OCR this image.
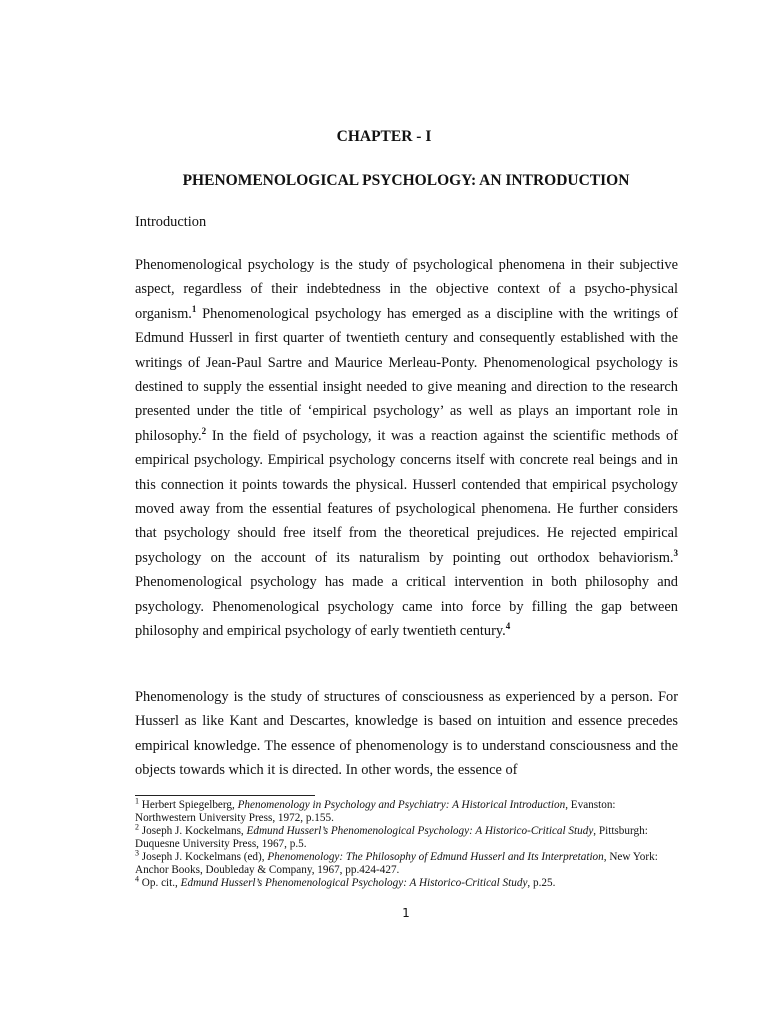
CHAPTER - I
PHENOMENOLOGICAL PSYCHOLOGY: AN INTRODUCTION
Introduction

Phenomenological psychology is the study of psychological phenomena in their subjective aspect, regardless of their indebtedness in the objective context of a psycho-physical organism.$^1$ Phenomenological psychology has emerged as a discipline with the writings of Edmund Husserl in first quarter of twentieth century and consequently established with the writings of Jean-Paul Sartre and Maurice Merleau-Ponty. Phenomenological psychology is destined to supply the essential insight needed to give meaning and direction to the research presented under the title of ‘empirical psychology’ as well as plays an important role in philosophy.$^2$ In the field of psychology, it was a reaction against the scientific methods of empirical psychology. Empirical psychology concerns itself with concrete real beings and in this connection it points towards the physical. Husserl contended that empirical psychology moved away from the essential features of psychological phenomena. He further considers that psychology should free itself from the theoretical prejudices. He rejected empirical psychology on the account of its naturalism by pointing out orthodox behaviorism.$^3$ Phenomenological psychology has made a critical intervention in both philosophy and psychology. Phenomenological psychology came into force by filling the gap between philosophy and empirical psychology of early twentieth century.$^4$

Phenomenology is the study of structures of consciousness as experienced by a person. For Husserl as like Kant and Descartes, knowledge is based on intuition and essence precedes empirical knowledge. The essence of phenomenology is to understand consciousness and the objects towards which it is directed. In other words, the essence of

$^1$ Herbert Spiegelberg, Phenomenology in Psychology and Psychiatry: A Historical Introduction, Evanston: Northwestern University Press, 1972, p.155.

$^2$ Joseph J. Kockelmans, Edmund Husserl’s Phenomenological Psychology: A Historico-Critical Study, Pittsburgh: Duquesne University Press, 1967, p.5.

$^3$ Joseph J. Kockelmans (ed), Phenomenology: The Philosophy of Edmund Husserl and Its Interpretation, New York: Anchor Books, Doubleday & Company, 1967, pp.424-427.

$^4$ Op. cit., Edmund Husserl’s Phenomenological Psychology: A Historico-Critical Study, p.25.

1
